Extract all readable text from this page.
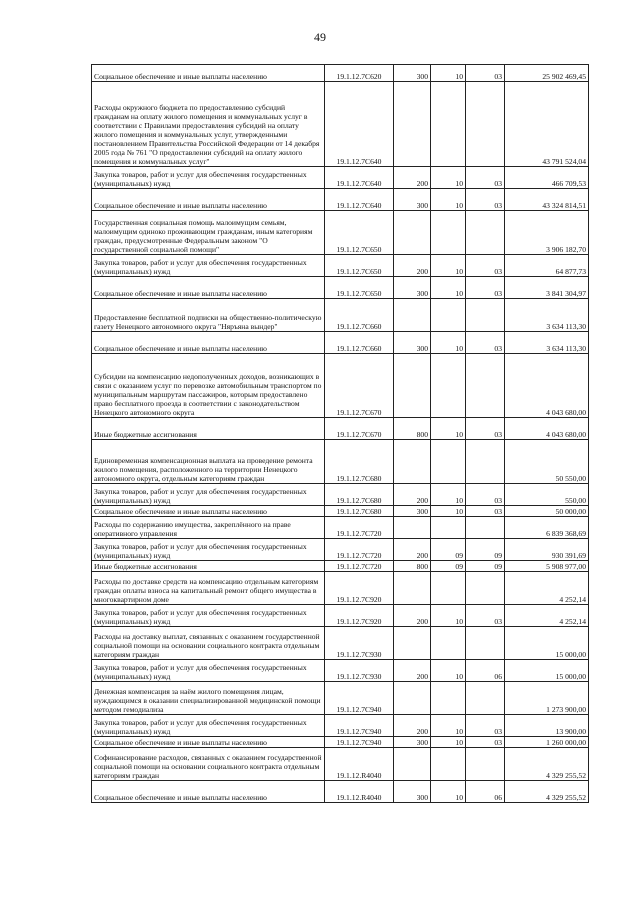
49
Социальное обеспечение и иные выплаты населению	19.1.12.7С620	300	10	03	25 902 469,45
Расходы окружного бюджета по предоставлению субсидий гражданам на оплату жилого помещения и коммунальных услуг в соответствии с Правилами предоставления субсидий на оплату жилого помещения и коммунальных услуг, утвержденными постановлением Правительства Российской Федерации от 14 декабря 2005 года № 761 "О предоставлении субсидий на оплату жилого помещения и коммунальных услуг"	19.1.12.7С640				43 791 524,04
Закупка товаров, работ и услуг для обеспечения государственных (муниципальных) нужд	19.1.12.7С640	200	10	03	466 709,53
Социальное обеспечение и иные выплаты населению	19.1.12.7С640	300	10	03	43 324 814,51
Государственная социальная помощь малоимущим семьям, малоимущим одиноко проживающим гражданам, иным категориям граждан, предусмотренные Федеральным законом "О государственной социальной помощи"	19.1.12.7С650				3 906 182,70
Закупка товаров, работ и услуг для обеспечения государственных (муниципальных) нужд	19.1.12.7С650	200	10	03	64 877,73
Социальное обеспечение и иные выплаты населению	19.1.12.7С650	300	10	03	3 841 304,97
Предоставление бесплатной подписки на общественно-политическую газету Ненецкого автономного округа "Няръяна вындер"	19.1.12.7С660				3 634 113,30
Социальное обеспечение и иные выплаты населению	19.1.12.7С660	300	10	03	3 634 113,30
Субсидии на компенсацию недополученных доходов, возникающих в связи с оказанием услуг по перевозке автомобильным транспортом по муниципальным маршрутам пассажиров, которым предоставлено право бесплатного проезда в соответствии с законодательством Ненецкого автономного округа	19.1.12.7С670				4 043 680,00
Иные бюджетные ассигнования	19.1.12.7С670	800	10	03	4 043 680,00
Единовременная компенсационная выплата на проведение ремонта жилого помещения, расположенного на территории Ненецкого автономного округа, отдельным категориям граждан	19.1.12.7С680				50 550,00
Закупка товаров, работ и услуг для обеспечения государственных (муниципальных) нужд	19.1.12.7С680	200	10	03	550,00
Социальное обеспечение и иные выплаты населению	19.1.12.7С680	300	10	03	50 000,00
Расходы по содержанию имущества, закреплённого на праве оперативного управления	19.1.12.7С720				6 839 368,69
Закупка товаров, работ и услуг для обеспечения государственных (муниципальных) нужд	19.1.12.7С720	200	09	09	930 391,69
Иные бюджетные ассигнования	19.1.12.7С720	800	09	09	5 908 977,00
Расходы по доставке средств на компенсацию отдельным категориям граждан оплаты взноса на капитальный ремонт общего имущества в многоквартирном доме	19.1.12.7С920				4 252,14
Закупка товаров, работ и услуг для обеспечения государственных (муниципальных) нужд	19.1.12.7С920	200	10	03	4 252,14
Расходы на доставку выплат, связанных с оказанием государственной социальной помощи на основании социального контракта отдельным категориям граждан	19.1.12.7С930				15 000,00
Закупка товаров, работ и услуг для обеспечения государственных (муниципальных) нужд	19.1.12.7С930	200	10	06	15 000,00
Денежная компенсация за наём жилого помещения лицам, нуждающимся в оказании специализированной медицинской помощи методом гемодиализа	19.1.12.7С940				1 273 900,00
Закупка товаров, работ и услуг для обеспечения государственных (муниципальных) нужд	19.1.12.7С940	200	10	03	13 900,00
Социальное обеспечение и иные выплаты населению	19.1.12.7С940	300	10	03	1 260 000,00
Софинансирование расходов, связанных с оказанием государственной социальной помощи на основании социального контракта отдельным категориям граждан	19.1.12.R4040				4 329 255,52
Социальное обеспечение и иные выплаты населению	19.1.12.R4040	300	10	06	4 329 255,52
